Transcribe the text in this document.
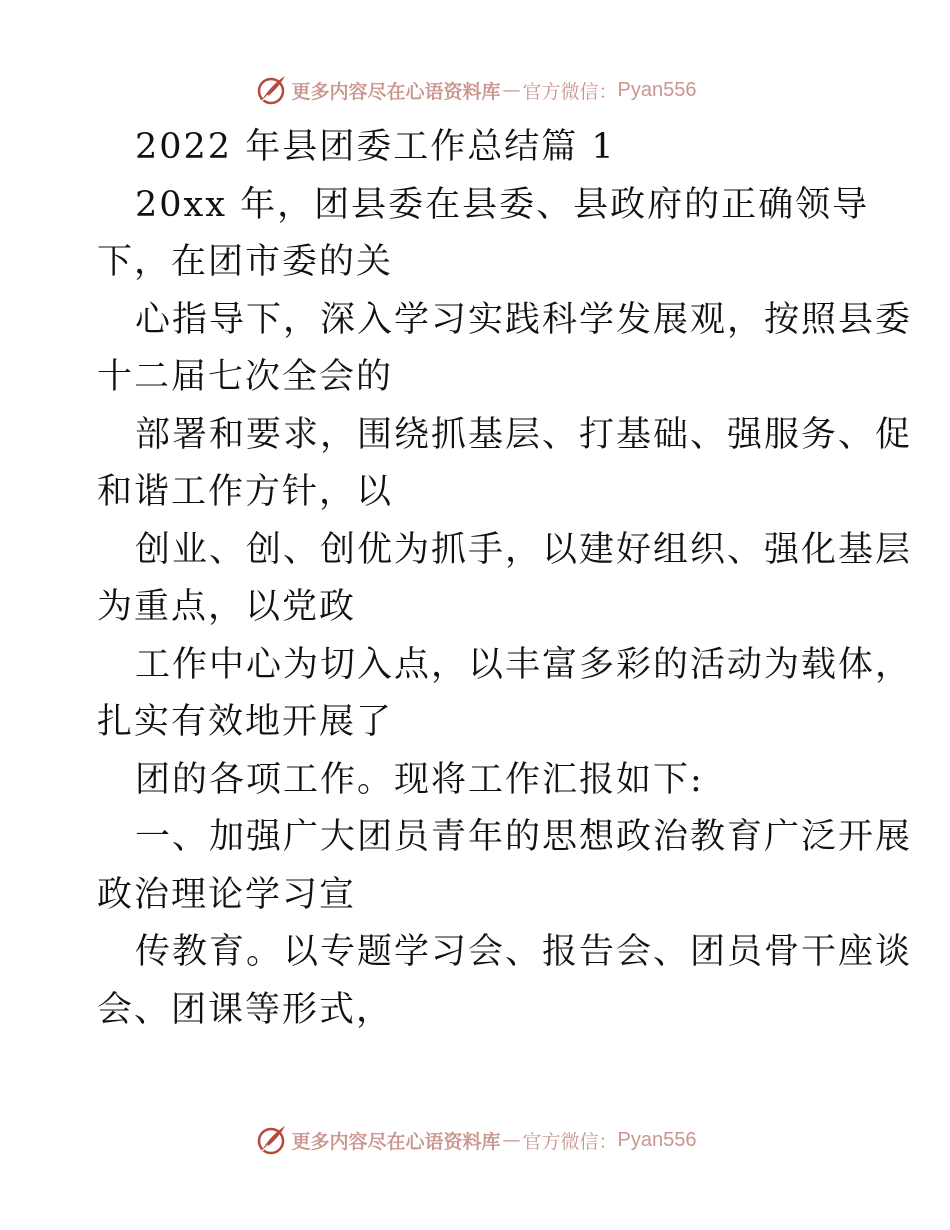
更多内容尽在心语资料库 — 官方微信： Pyan556
2022 年县团委工作总结篇 1
20xx 年，团县委在县委、县政府的正确领导
下，在团市委的关
心指导下，深入学习实践科学发展观，按照县委
十二届七次全会的
部署和要求，围绕抓基层、打基础、强服务、促
和谐工作方针，以
创业、创、创优为抓手，以建好组织、强化基层
为重点，以党政
工作中心为切入点，以丰富多彩的活动为载体，
扎实有效地开展了
团的各项工作。现将工作汇报如下:
一、加强广大团员青年的思想政治教育广泛开展
政治理论学习宣
传教育。以专题学习会、报告会、团员骨干座谈
会、团课等形式，
更多内容尽在心语资料库 — 官方微信： Pyan556
